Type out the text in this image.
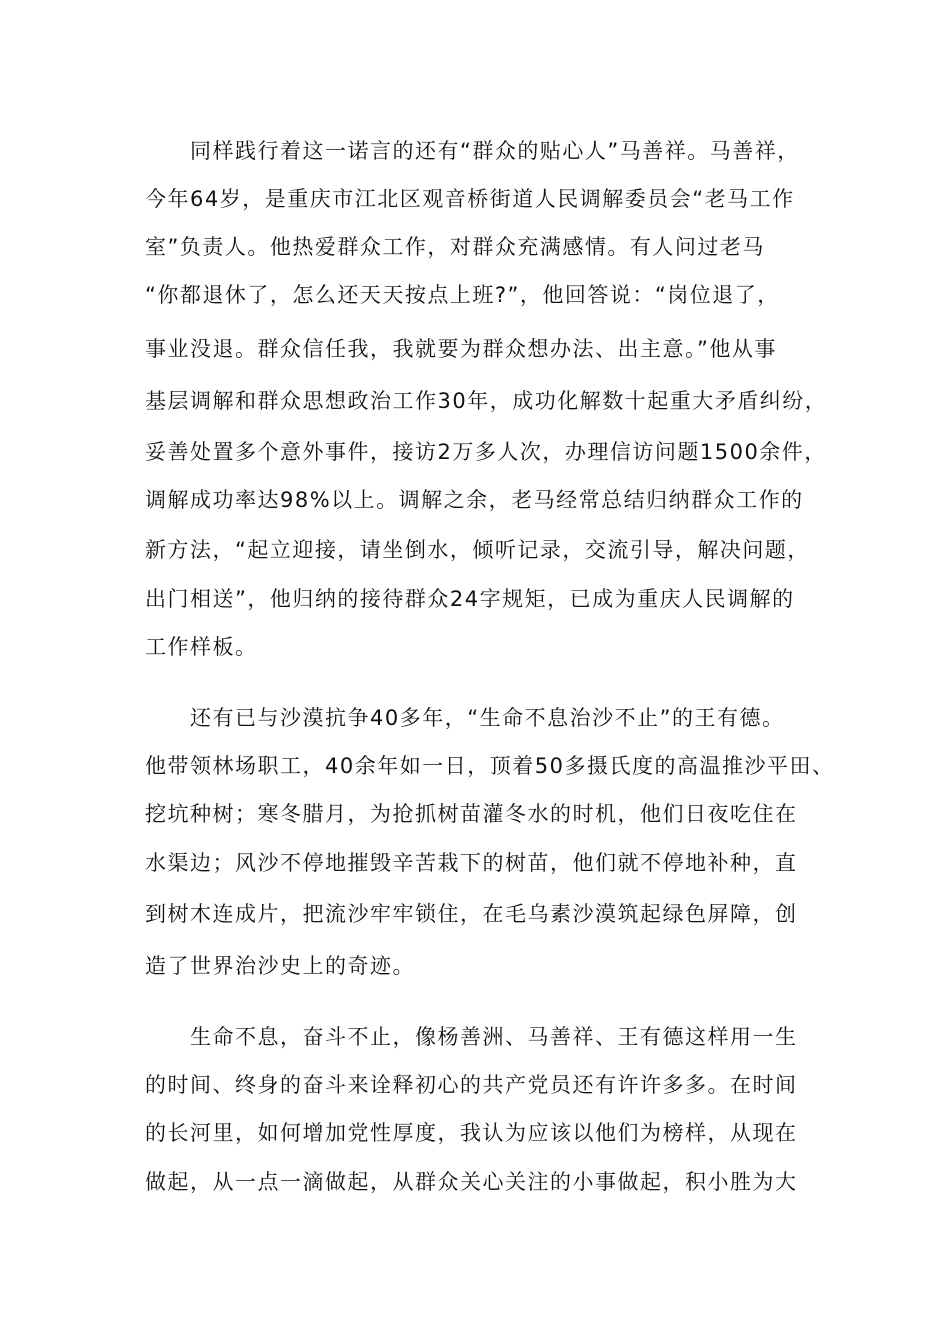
同样践行着这一诺言的还有“群众的贴心人”马善祥。马善祥，
今年64岁，是重庆市江北区观音桥街道人民调解委员会“老马工作
室”负责人。他热爱群众工作，对群众充满感情。有人问过老马
“你都退休了，怎么还天天按点上班?”，他回答说：“岗位退了，
事业没退。群众信任我，我就要为群众想办法、出主意。”他从事
基层调解和群众思想政治工作30年，成功化解数十起重大矛盾纠纷，
妥善处置多个意外事件，接访2万多人次，办理信访问题1500余件，
调解成功率达98%以上。调解之余，老马经常总结归纳群众工作的
新方法，“起立迎接，请坐倒水，倾听记录，交流引导，解决问题，
出门相送”，他归纳的接待群众24字规矩，已成为重庆人民调解的
工作样板。
还有已与沙漠抗争40多年，“生命不息治沙不止”的王有德。
他带领林场职工，40余年如一日，顶着50多摄氏度的高温推沙平田、
挖坑种树；寒冬腊月，为抢抓树苗灌冬水的时机，他们日夜吃住在
水渠边；风沙不停地摧毁辛苦栽下的树苗，他们就不停地补种，直
到树木连成片，把流沙牢牢锁住，在毛乌素沙漠筑起绿色屏障，创
造了世界治沙史上的奇迹。
生命不息，奋斗不止，像杨善洲、马善祥、王有德这样用一生
的时间、终身的奋斗来诠释初心的共产党员还有许许多多。在时间
的长河里，如何增加党性厚度，我认为应该以他们为榜样，从现在
做起，从一点一滴做起，从群众关心关注的小事做起，积小胜为大
